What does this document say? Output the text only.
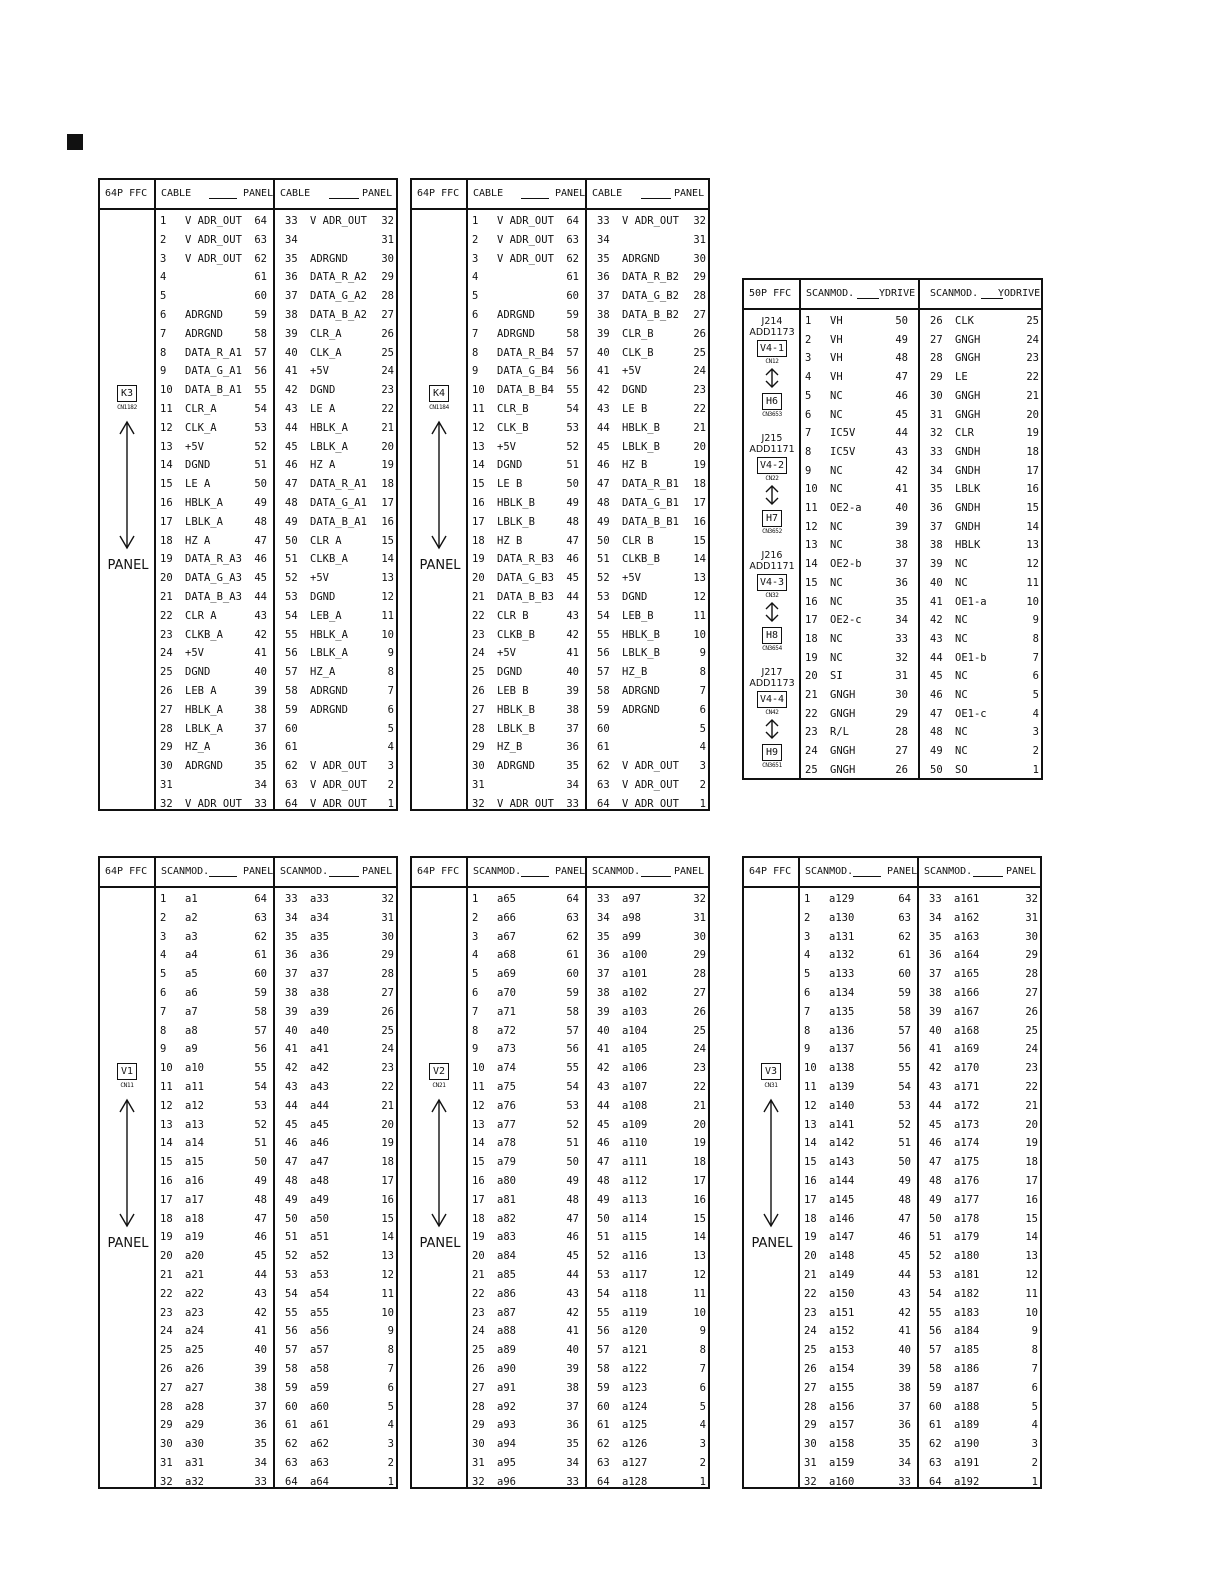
64P FFC CABLE	PANEL CABLE	PANEL
1	V ADR_OUT	64 33	V ADR_OUT	32
2	V ADR_OUT	63 34	31
3	V ADR_OUT	62 35	ADRGND	30
4	61 36	DATA_R_A2	29
5	60 37	DATA_G_A2	28
6	ADRGND	59 38	DATA_B_A2	27
7	ADRGND	58 39	CLR_A	26
8	DATA_R_A1	57 40	CLK_A	25
9	DATA_G_A1	56 41	+5V	24
10	DATA_B_A1	55 42	DGND	23
11	CLR_A	54 43	LE A	22
12	CLK_A	53 44	HBLK_A	21
13	+5V	52 45	LBLK_A	20
14	DGND	51 46	HZ A	19
15	LE A	50 47	DATA_R_A1	18
16	HBLK_A	49 48	DATA_G_A1	17
17	LBLK_A	48 49	DATA_B_A1	16
18	HZ A	47 50	CLR A	15
19	DATA_R_A3	46 51	CLKB_A	14
20	DATA_G_A3	45 52	+5V	13
21	DATA_B_A3	44 53	DGND	12
22	CLR A	43 54	LEB_A	11
23	CLKB_A	42 55	HBLK_A	10
24	+5V	41 56	LBLK_A	9
25	DGND	40 57	HZ_A	8
26	LEB A	39 58	ADRGND	7
27	HBLK_A	38 59	ADRGND	6
28	LBLK_A	37 60	5
29	HZ_A	36 61	4
30	ADRGND	35 62	V ADR_OUT	3
31	34 63	V ADR_OUT	2
32	V ADR_OUT	33 64	V ADR_OUT	1
K3
CN1182
PANEL
64P FFC CABLE	PANEL CABLE	PANEL
1	V ADR_OUT	64 33	V ADR_OUT	32
2	V ADR_OUT	63 34	31
3	V ADR_OUT	62 35	ADRGND	30
4	61 36	DATA_R_B2	29
5	60 37	DATA_G_B2	28
6	ADRGND	59 38	DATA_B_B2	27
7	ADRGND	58 39	CLR_B	26
8	DATA_R_B4	57 40	CLK_B	25
9	DATA_G_B4	56 41	+5V	24
10	DATA_B_B4	55 42	DGND	23
11	CLR_B	54 43	LE B	22
12	CLK_B	53 44	HBLK_B	21
13	+5V	52 45	LBLK_B	20
14	DGND	51 46	HZ B	19
15	LE B	50 47	DATA_R_B1	18
16	HBLK_B	49 48	DATA_G_B1	17
17	LBLK_B	48 49	DATA_B_B1	16
18	HZ B	47 50	CLR B	15
19	DATA_R_B3	46 51	CLKB_B	14
20	DATA_G_B3	45 52	+5V	13
21	DATA_B_B3	44 53	DGND	12
22	CLR B	43 54	LEB_B	11
23	CLKB_B	42 55	HBLK_B	10
24	+5V	41 56	LBLK_B	9
25	DGND	40 57	HZ_B	8
26	LEB B	39 58	ADRGND	7
27	HBLK_B	38 59	ADRGND	6
28	LBLK_B	37 60	5
29	HZ_B	36 61	4
30	ADRGND	35 62	V ADR_OUT	3
31	34 63	V ADR_OUT	2
32	V ADR_OUT	33 64	V ADR_OUT	1
K4
CN1184
PANEL
64P FFC SCANMOD.	PANEL SCANMOD.	PANEL
1	a1	64 33	a33	32
2	a2	63 34	a34	31
3	a3	62 35	a35	30
4	a4	61 36	a36	29
5	a5	60 37	a37	28
6	a6	59 38	a38	27
7	a7	58 39	a39	26
8	a8	57 40	a40	25
9	a9	56 41	a41	24
10	a10	55 42	a42	23
11	a11	54 43	a43	22
12	a12	53 44	a44	21
13	a13	52 45	a45	20
14	a14	51 46	a46	19
15	a15	50 47	a47	18
16	a16	49 48	a48	17
17	a17	48 49	a49	16
18	a18	47 50	a50	15
19	a19	46 51	a51	14
20	a20	45 52	a52	13
21	a21	44 53	a53	12
22	a22	43 54	a54	11
23	a23	42 55	a55	10
24	a24	41 56	a56	9
25	a25	40 57	a57	8
26	a26	39 58	a58	7
27	a27	38 59	a59	6
28	a28	37 60	a60	5
29	a29	36 61	a61	4
30	a30	35 62	a62	3
31	a31	34 63	a63	2
32	a32	33 64	a64	1
V1
CN11
PANEL
64P FFC SCANMOD.	PANEL SCANMOD.	PANEL
1	a65	64 33	a97	32
2	a66	63 34	a98	31
3	a67	62 35	a99	30
4	a68	61 36	a100	29
5	a69	60 37	a101	28
6	a70	59 38	a102	27
7	a71	58 39	a103	26
8	a72	57 40	a104	25
9	a73	56 41	a105	24
10	a74	55 42	a106	23
11	a75	54 43	a107	22
12	a76	53 44	a108	21
13	a77	52 45	a109	20
14	a78	51 46	a110	19
15	a79	50 47	a111	18
16	a80	49 48	a112	17
17	a81	48 49	a113	16
18	a82	47 50	a114	15
19	a83	46 51	a115	14
20	a84	45 52	a116	13
21	a85	44 53	a117	12
22	a86	43 54	a118	11
23	a87	42 55	a119	10
24	a88	41 56	a120	9
25	a89	40 57	a121	8
26	a90	39 58	a122	7
27	a91	38 59	a123	6
28	a92	37 60	a124	5
29	a93	36 61	a125	4
30	a94	35 62	a126	3
31	a95	34 63	a127	2
32	a96	33 64	a128	1
V2
CN21
PANEL
64P FFC SCANMOD.	PANEL SCANMOD.	PANEL
1	a129	64 33	a161	32
2	a130	63 34	a162	31
3	a131	62 35	a163	30
4	a132	61 36	a164	29
5	a133	60 37	a165	28
6	a134	59 38	a166	27
7	a135	58 39	a167	26
8	a136	57 40	a168	25
9	a137	56 41	a169	24
10	a138	55 42	a170	23
11	a139	54 43	a171	22
12	a140	53 44	a172	21
13	a141	52 45	a173	20
14	a142	51 46	a174	19
15	a143	50 47	a175	18
16	a144	49 48	a176	17
17	a145	48 49	a177	16
18	a146	47 50	a178	15
19	a147	46 51	a179	14
20	a148	45 52	a180	13
21	a149	44 53	a181	12
22	a150	43 54	a182	11
23	a151	42 55	a183	10
24	a152	41 56	a184	9
25	a153	40 57	a185	8
26	a154	39 58	a186	7
27	a155	38 59	a187	6
28	a156	37 60	a188	5
29	a157	36 61	a189	4
30	a158	35 62	a190	3
31	a159	34 63	a191	2
32	a160	33 64	a192	1
V3
CN31
PANEL
50P FFC SCANMOD. YDRIVE SCANMOD. YODRIVE
1	VH	50 26	CLK	25
2	VH	49 27	GNGH	24
3	VH	48 28	GNGH	23
4	VH	47 29	LE	22
5	NC	46 30	GNGH	21
6	NC	45 31	GNGH	20
7	IC5V	44 32	CLR	19
8	IC5V	43 33	GNDH	18
9	NC	42 34	GNDH	17
10	NC	41 35	LBLK	16
11	OE2-a	40 36	GNDH	15
12	NC	39 37	GNDH	14
13	NC	38 38	HBLK	13
14	OE2-b	37 39	NC	12
15	NC	36 40	NC	11
16	NC	35 41	OE1-a	10
17	OE2-c	34 42	NC	9
18	NC	33 43	NC	8
19	NC	32 44	OE1-b	7
20	SI	31 45	NC	6
21	GNGH	30 46	NC	5
22	GNGH	29 47	OE1-c	4
23	R/L	28 48	NC	3
24	GNGH	27 49	NC	2
25	GNGH	26 50	SO	1
J214
ADD1173
V4-1
CN12
H6
CN3653
J215
ADD1171
V4-2
CN22
H7
CN3652
J216
ADD1171
V4-3
CN32
H8
CN3654
J217
ADD1173
V4-4
CN42
H9
CN3651
